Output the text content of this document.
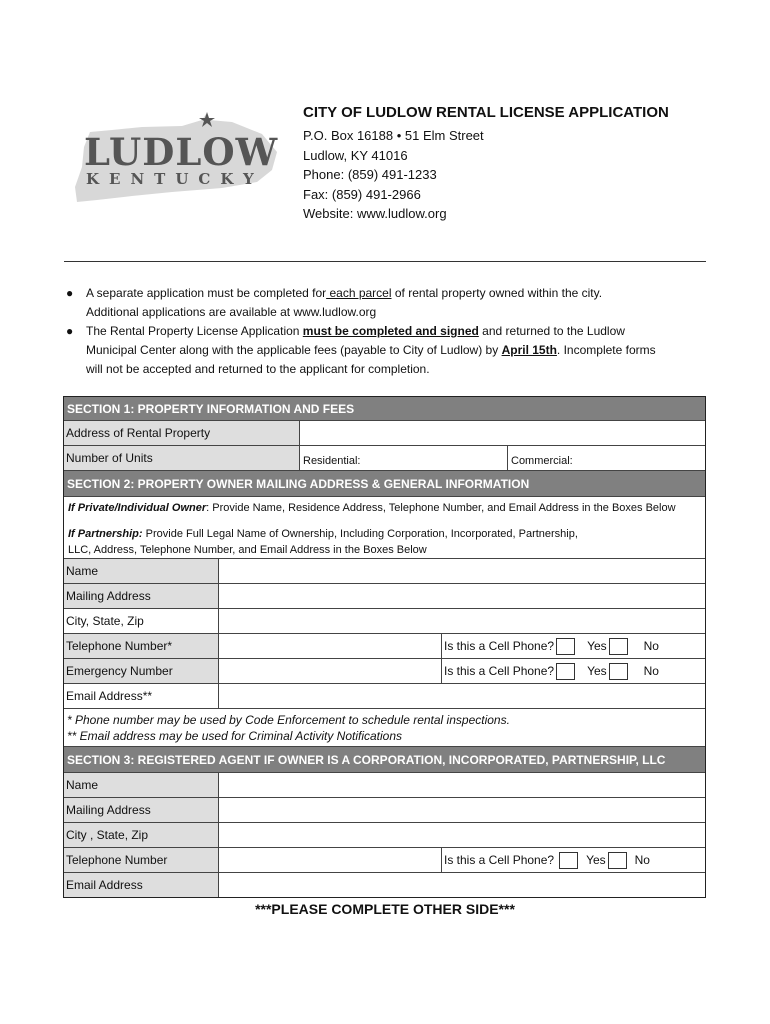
LUDLOW
KENTUCKY
CITY OF LUDLOW RENTAL LICENSE APPLICATION
P.O. Box 16188 • 51 Elm Street
Ludlow, KY 41016
Phone: (859) 491-1233
Fax: (859) 491-2966
Website: www.ludlow.org
● A separate application must be completed for each parcel of rental property owned within the city.
Additional applications are available at www.ludlow.org
● The Rental Property License Application must be completed and signed and returned to the Ludlow
Municipal Center along with the applicable fees (payable to City of Ludlow) by April 15th. Incomplete forms
will not be accepted and returned to the applicant for completion.
SECTION 1: PROPERTY INFORMATION AND FEES
Address of Rental Property
Number of Units	Residential:	Commercial:
SECTION 2: PROPERTY OWNER MAILING ADDRESS & GENERAL INFORMATION
If Private/Individual Owner: Provide Name, Residence Address, Telephone Number, and Email Address in the Boxes Below
If Partnership: Provide Full Legal Name of Ownership, Including Corporation, Incorporated, Partnership,
LLC, Address, Telephone Number, and Email Address in the Boxes Below
Name
Mailing Address
City, State, Zip
Telephone Number*	Is this a Cell Phone?	Yes	No
Emergency Number	Is this a Cell Phone?	Yes	No
Email Address**
* Phone number may be used by Code Enforcement to schedule rental inspections.
** Email address may be used for Criminal Activity Notifications
SECTION 3: REGISTERED AGENT IF OWNER IS A CORPORATION, INCORPORATED, PARTNERSHIP, LLC
Name
Mailing Address
City , State, Zip
Telephone Number	Is this a Cell Phone?	Yes No
Email Address
***PLEASE COMPLETE OTHER SIDE***
